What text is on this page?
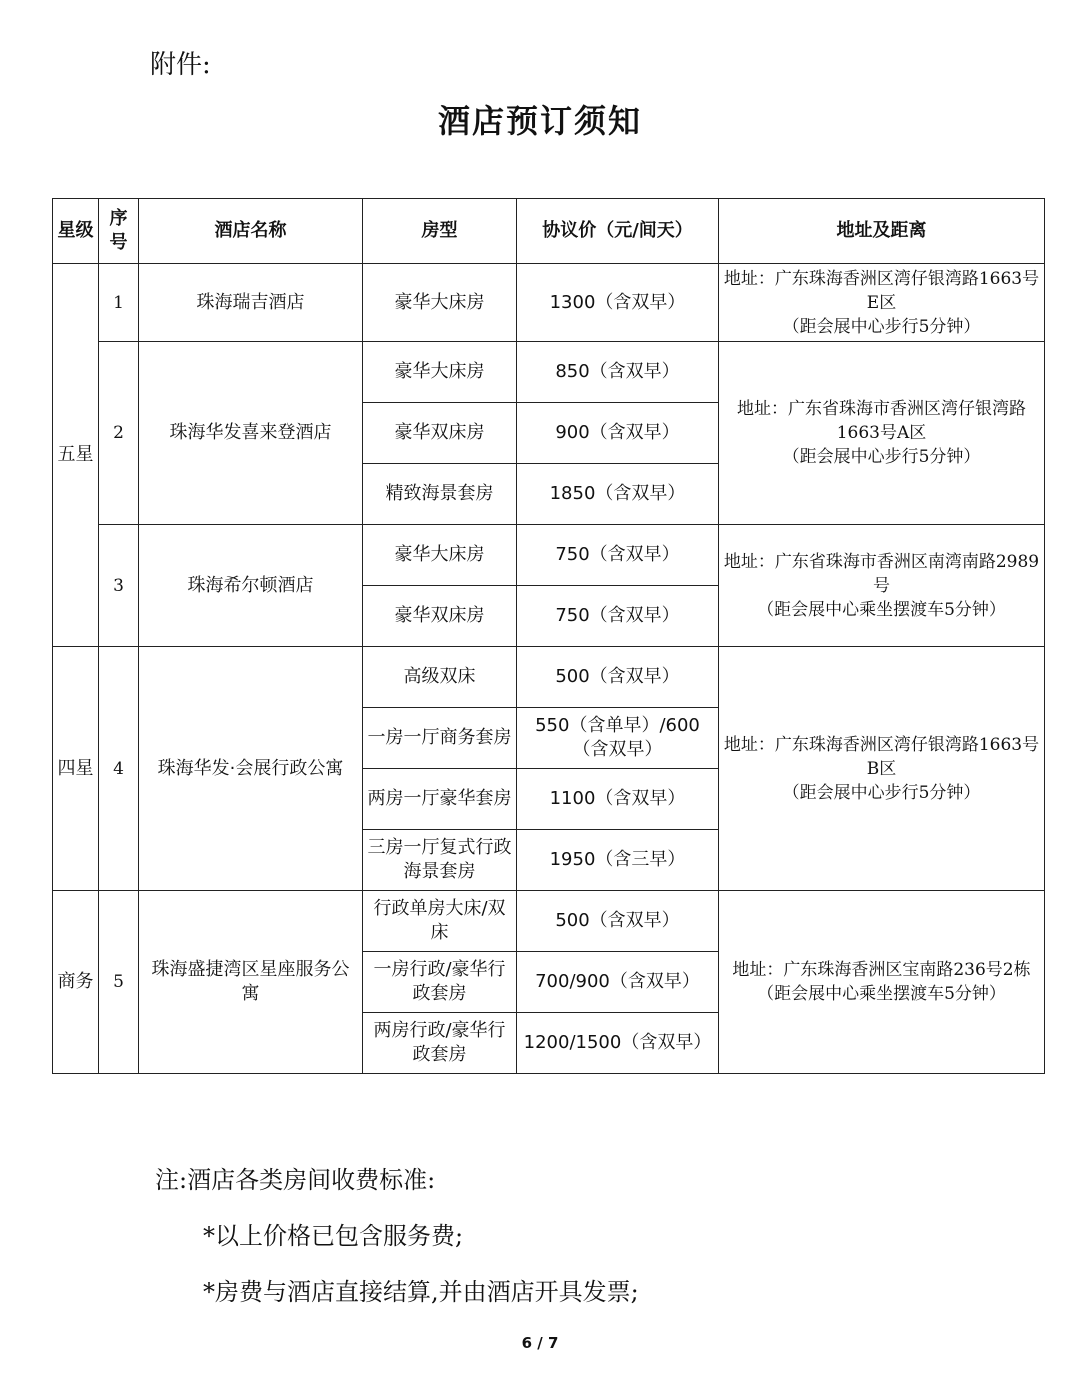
附件:
酒店预订须知
星级	序号	酒店名称	房型	协议价（元/间天）	地址及距离
五星	1	珠海瑞吉酒店	豪华大床房	1300（含双早）	地址：广东珠海香洲区湾仔银湾路1663号E区
（距会展中心步行5分钟）

	2	珠海华发喜来登酒店	豪华大床房	850（含双早）	地址：广东省珠海市香洲区湾仔银湾路1663号A区
（距会展中心步行5分钟）

			豪华双床房	900（含双早）	
			精致海景套房	1850（含双早）	
	3	珠海希尔顿酒店	豪华大床房	750（含双早）	地址：广东省珠海市香洲区南湾南路2989号
（距会展中心乘坐摆渡车5分钟）

			豪华双床房	750（含双早）	
四星	4	珠海华发·会展行政公寓	高级双床	500（含双早）	地址：广东珠海香洲区湾仔银湾路1663号B区
（距会展中心步行5分钟）

			一房一厅商务套房	550（含单早）/600（含双早）	
			两房一厅豪华套房	1100（含双早）	
			三房一厅复式行政海景套房	1950（含三早）	
商务	5	珠海盛捷湾区星座服务公寓	行政单房大床/双床	500（含双早）	地址：广东珠海香洲区宝南路236号2栋
（距会展中心乘坐摆渡车5分钟）

			一房行政/豪华行政套房	700/900（含双早）	
			两房行政/豪华行政套房	1200/1500（含双早）	
注:酒店各类房间收费标准:
*以上价格已包含服务费;
*房费与酒店直接结算,并由酒店开具发票;
6 / 7
